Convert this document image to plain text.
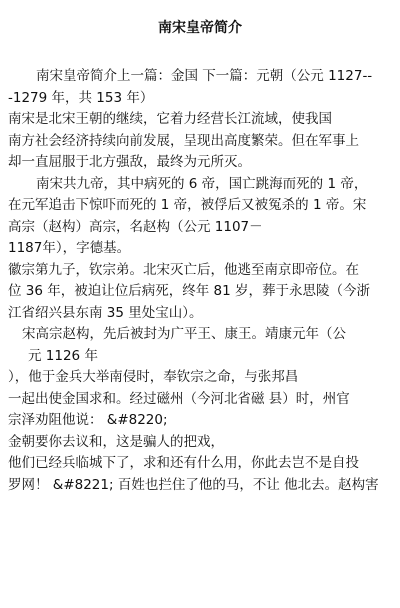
南宋皇帝简介
南宋皇帝简介上一篇：金国 下一篇：元朝（公元 1127--
-1279 年，共 153 年）
南宋是北宋王朝的继续，它着力经营长江流域，使我国
南方社会经济持续向前发展，呈现出高度繁荣。但在军事上
却一直屈服于北方强敌，最终为元所灭。
南宋共九帝，其中病死的 6 帝，国亡跳海而死的 1 帝，
在元军追击下惊吓而死的 1 帝，被俘后又被冤杀的 1 帝。宋
高宗（赵构）高宗，名赵构（公元 1107－
1187年），字德基。
徽宗第九子，钦宗弟。北宋灭亡后，他逃至南京即帝位。在
位 36 年，被迫让位后病死，终年 81 岁，葬于永思陵（今浙
江省绍兴县东南 35 里处宝山）。
宋高宗赵构，先后被封为广平王、康王。靖康元年（公
元 1126 年
），他于金兵大举南侵时，奉钦宗之命，与张邦昌
一起出使金国求和。经过磁州（今河北省磁 县）时，州官
宗泽劝阻他说： &#8220;
金朝要你去议和，这是骗人的把戏，
他们已经兵临城下了，求和还有什么用，你此去岂不是自投
罗网！ &#8221; 百姓也拦住了他的马，不让 他北去。赵构害
